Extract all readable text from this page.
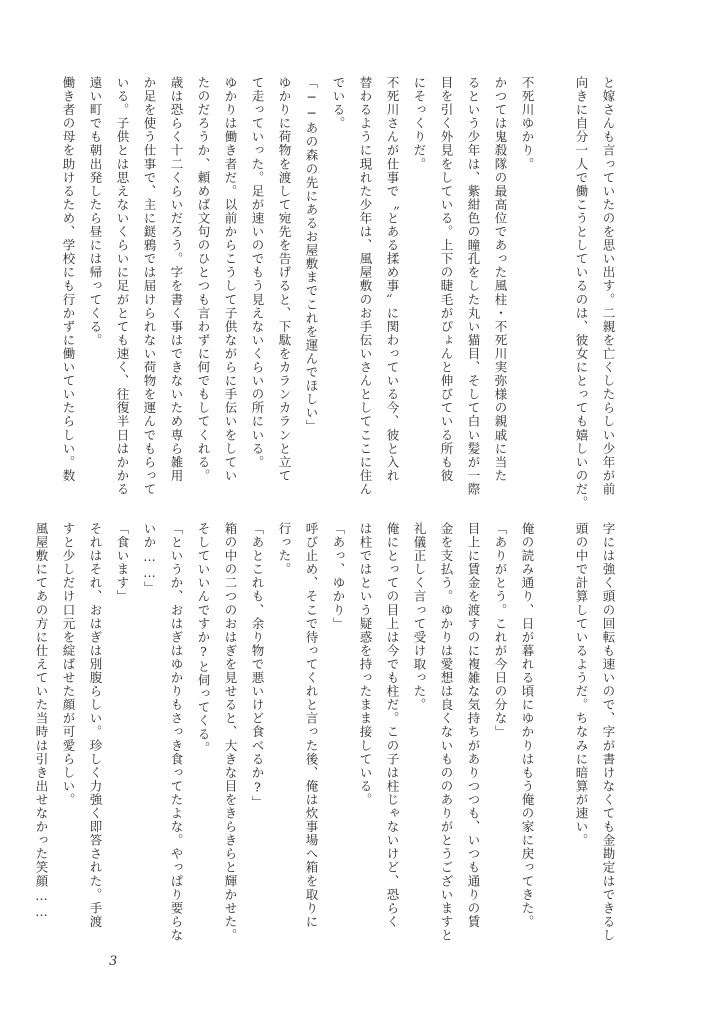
と嫁さんも言っていたのを思い出す。二親を亡くしたらしい少年が前

向きに自分一人で働こうとしているのは、彼女にとっても嬉しいのだ。

不死川ゆかり。

かつては鬼殺隊の最高位であった風柱・不死川実弥様の親戚に当た

るという少年は、紫紺色の瞳孔をした丸い猫目、そして白い髪が一際

目を引く外見をしている。上下の睫毛がぴょんと伸びている所も彼

にそっくりだ。

不死川さんが仕事で〝とある揉め事〟に関わっている今、彼と入れ

替わるように現れた少年は、風屋敷のお手伝いさんとしてここに住ん

でいる。

「──あの森の先にあるお屋敷までこれを運んでほしい」

ゆかりに荷物を渡して宛先を告げると、下駄をカランカランと立て

て走っていった。足が速いのでもう見えないくらいの所にいる。

ゆかりは働き者だ。以前からこうして子供ながらに手伝いをしてい

たのだろうか、頼めば文句のひとつも言わずに何でもしてくれる。

歳は恐らく十二くらいだろう。字を書く事はできないため専ら雑用

か足を使う仕事で、主に鎹鴉では届けられない荷物を運んでもらって

いる。子供とは思えないくらいに足がとても速く、往復半日はかかる

遠い町でも朝出発したら昼には帰ってくる。

働き者の母を助けるため、学校にも行かずに働いていたらしい。数

字には強く頭の回転も速いので、字が書けなくても金勘定はできるし

頭の中で計算しているようだ。ちなみに暗算が速い。

俺の読み通り、日が暮れる頃にゆかりはもう俺の家に戻ってきた。

「ありがとう。これが今日の分な」

目上に賃金を渡すのに複雑な気持ちがありつつも、いつも通りの賃

金を支払う。ゆかりは愛想は良くないもののありがとうございますと

礼儀正しく言って受け取った。

俺にとっての目上は今でも柱だ。この子は柱じゃないけど、恐らく

は柱ではという疑惑を持ったまま接している。

「あっ、ゆかり」

呼び止め、そこで待ってくれと言った後、俺は炊事場へ箱を取りに

行った。

「あとこれも、余り物で悪いけど食べるか?」

箱の中の二つのおはぎを見せると、大きな目をきらきらと輝かせた。

そしていいんですか?と伺ってくる。

「というか、おはぎはゆかりもさっき食ってたよな。やっぱり要らな

いか……」

「食います」

それはそれ、おはぎは別腹らしい。珍しく力強く即答された。手渡

すと少しだけ口元を綻ばせた顔が可愛らしい。

風屋敷にてあの方に仕えていた当時は引き出せなかった笑顔……

3
